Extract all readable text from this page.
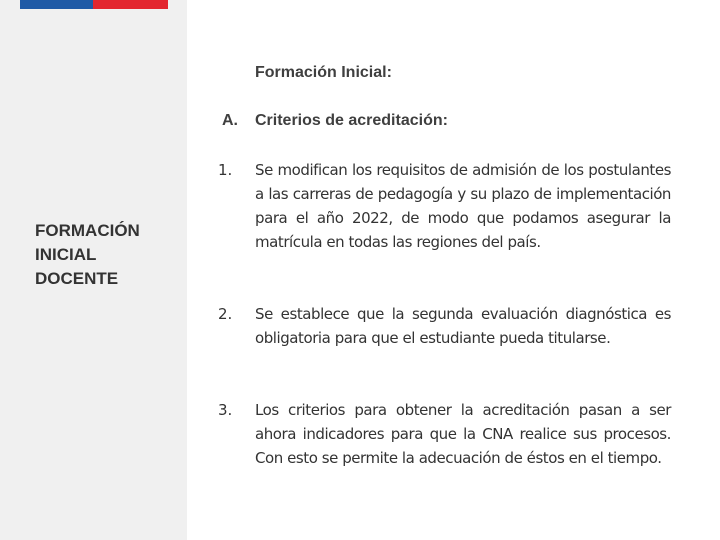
FORMACIÓN
INICIAL
DOCENTE
Formación Inicial:
A. Criterios de acreditación:
1.	Se modifican los requisitos de admisión de los postulantes a las carreras de pedagogía y su plazo de implementación para el año 2022, de modo que podamos asegurar la matrícula en todas las regiones del país.
2.	Se establece que la segunda evaluación diagnóstica es obligatoria para que el estudiante pueda titularse.
3.	Los criterios para obtener la acreditación pasan a ser ahora indicadores para que la CNA realice sus procesos. Con esto se permite la adecuación de éstos en el tiempo.
